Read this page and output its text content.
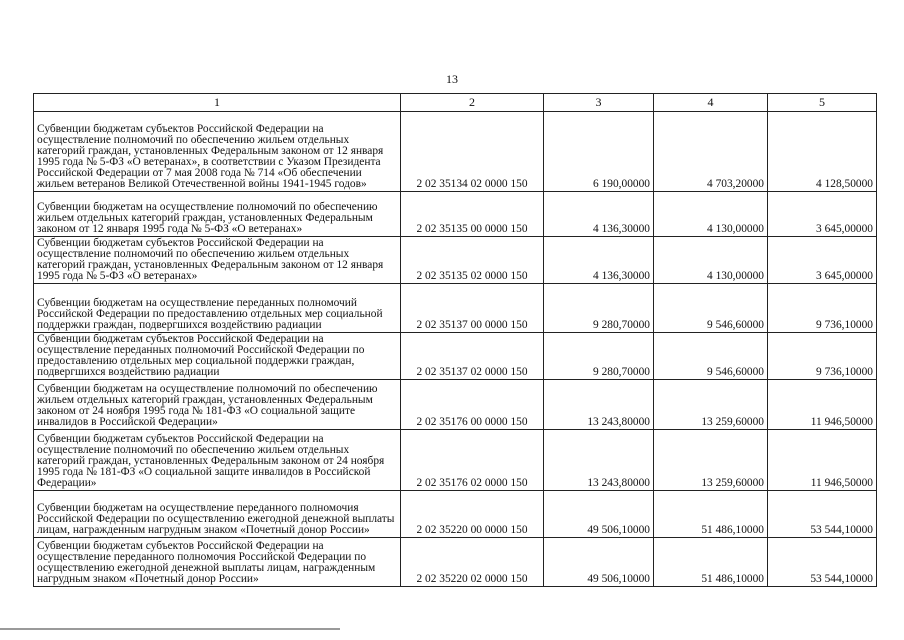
13
1	2	3	4	5
Субвенции бюджетам субъектов Российской Федерации на осуществление полномочий по обеспечению жильем отдельных категорий граждан, установленных Федеральным законом от 12 января 1995 года № 5-ФЗ «О ветеранах», в соответствии с Указом Президента Российской Федерации от 7 мая 2008 года № 714 «Об обеспечении жильем ветеранов Великой Отечественной войны 1941-1945 годов»	2 02 35134 02 0000 150	6 190,00000	4 703,20000	4 128,50000
Субвенции бюджетам на осуществление полномочий по обеспечению жильем отдельных категорий граждан, установленных Федеральным законом от 12 января 1995 года № 5-ФЗ «О ветеранах»	2 02 35135 00 0000 150	4 136,30000	4 130,00000	3 645,00000
Субвенции бюджетам субъектов Российской Федерации на осуществление полномочий по обеспечению жильем отдельных категорий граждан, установленных Федеральным законом от 12 января 1995 года № 5-ФЗ «О ветеранах»	2 02 35135 02 0000 150	4 136,30000	4 130,00000	3 645,00000
Субвенции бюджетам на осуществление переданных полномочий Российской Федерации по предоставлению отдельных мер социальной поддержки граждан, подвергшихся воздействию радиации	2 02 35137 00 0000 150	9 280,70000	9 546,60000	9 736,10000
Субвенции бюджетам субъектов Российской Федерации на осуществление переданных полномочий Российской Федерации по предоставлению отдельных мер социальной поддержки граждан, подвергшихся воздействию радиации	2 02 35137 02 0000 150	9 280,70000	9 546,60000	9 736,10000
Субвенции бюджетам на осуществление полномочий по обеспечению жильем отдельных категорий граждан, установленных Федеральным законом от 24 ноября 1995 года № 181-ФЗ «О социальной защите инвалидов в Российской Федерации»	2 02 35176 00 0000 150	13 243,80000	13 259,60000	11 946,50000
Субвенции бюджетам субъектов Российской Федерации на осуществление полномочий по обеспечению жильем отдельных категорий граждан, установленных Федеральным законом от 24 ноября 1995 года № 181-ФЗ «О социальной защите инвалидов в Российской Федерации»	2 02 35176 02 0000 150	13 243,80000	13 259,60000	11 946,50000
Субвенции бюджетам на осуществление переданного полномочия Российской Федерации по осуществлению ежегодной денежной выплаты лицам, награжденным нагрудным знаком «Почетный донор России»	2 02 35220 00 0000 150	49 506,10000	51 486,10000	53 544,10000
Субвенции бюджетам субъектов Российской Федерации на осуществление переданного полномочия Российской Федерации по осуществлению ежегодной денежной выплаты лицам, награжденным нагрудным знаком «Почетный донор России»	2 02 35220 02 0000 150	49 506,10000	51 486,10000	53 544,10000
